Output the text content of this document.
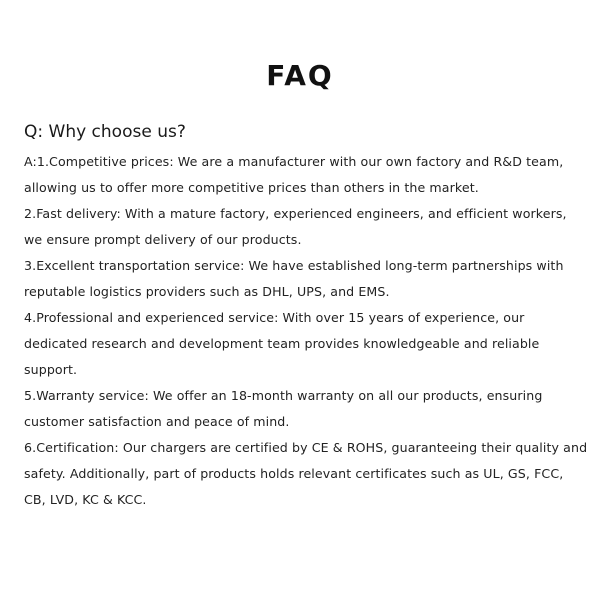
FAQ
Q: Why choose us?

A:1.Competitive prices: We are a manufacturer with our own factory and R&D team, allowing us to offer more competitive prices than others in the market.

2.Fast delivery: With a mature factory, experienced engineers, and efficient workers, we ensure prompt delivery of our products.

3.Excellent transportation service: We have established long-term partnerships with reputable logistics providers such as DHL, UPS, and EMS.

4.Professional and experienced service: With over 15 years of experience, our dedicated research and development team provides knowledgeable and reliable support.

5.Warranty service: We offer an 18-month warranty on all our products, ensuring customer satisfaction and peace of mind.

6.Certification: Our chargers are certified by CE & ROHS, guaranteeing their quality and safety. Additionally, part of products holds relevant certificates such as UL, GS, FCC, CB, LVD, KC & KCC.
